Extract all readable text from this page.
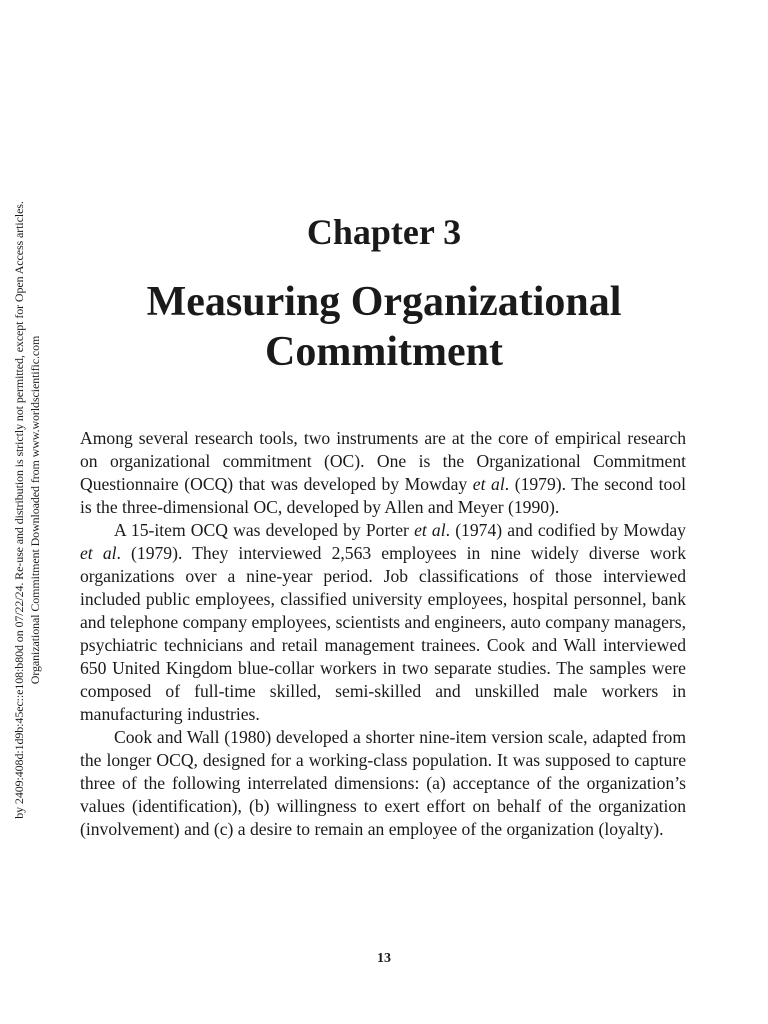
by 2409:408d:1d9b:45ec::e108:b80d on 07/22/24. Re-use and distribution is strictly not permitted, except for Open Access articles. Organizational Commitment Downloaded from www.worldscientific.com
Chapter 3
Measuring Organizational
Commitment

Among several research tools, two instruments are at the core of empirical research on organizational commitment (OC). One is the Organizational Commitment Questionnaire (OCQ) that was developed by Mowday et al. (1979). The second tool is the three-dimensional OC, developed by Allen and Meyer (1990).

A 15-item OCQ was developed by Porter et al. (1974) and codified by Mowday et al. (1979). They interviewed 2,563 employees in nine widely diverse work organizations over a nine-year period. Job classifications of those interviewed included public employees, classified university employees, hospital personnel, bank and telephone company employees, scientists and engineers, auto company managers, psychiatric technicians and retail management trainees. Cook and Wall interviewed 650 United Kingdom blue-collar workers in two separate studies. The samples were composed of full-time skilled, semi-skilled and unskilled male workers in manufacturing industries.

Cook and Wall (1980) developed a shorter nine-item version scale, adapted from the longer OCQ, designed for a working-class population. It was supposed to capture three of the following interrelated dimensions: (a) acceptance of the organization’s values (identification), (b) willingness to exert effort on behalf of the organization (involvement) and (c) a desire to remain an employee of the organization (loyalty).

13
